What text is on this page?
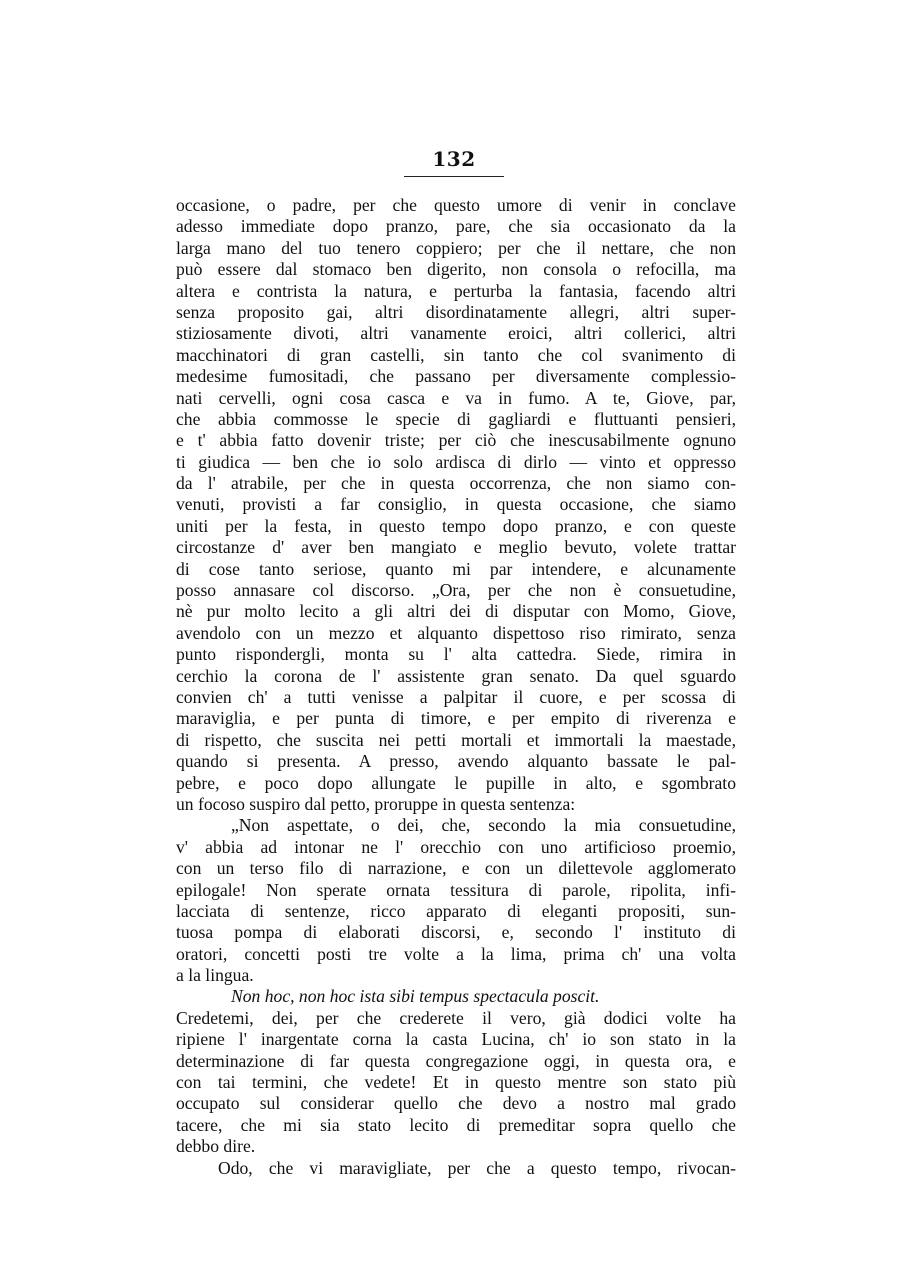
132
occasione, o padre, per che questo umore di venir in conclave
adesso immediate dopo pranzo, pare, che sia occasionato da la
larga mano del tuo tenero coppiero; per che il nettare, che non
può essere dal stomaco ben digerito, non consola o refocilla, ma
altera e contrista la natura, e perturba la fantasia, facendo altri
senza proposito gai, altri disordinatamente allegri, altri super-
stiziosamente divoti, altri vanamente eroici, altri collerici, altri
macchinatori di gran castelli, sin tanto che col svanimento di
medesime fumositadi, che passano per diversamente complessio-
nati cervelli, ogni cosa casca e va in fumo. A te, Giove, par,
che abbia commosse le specie di gagliardi e fluttuanti pensieri,
e t' abbia fatto dovenir triste; per ciò che inescusabilmente ognuno
ti giudica — ben che io solo ardisca di dirlo — vinto et oppresso
da l' atrabile, per che in questa occorrenza, che non siamo con-
venuti, provisti a far consiglio, in questa occasione, che siamo
uniti per la festa, in questo tempo dopo pranzo, e con queste
circostanze d' aver ben mangiato e meglio bevuto, volete trattar
di cose tanto seriose, quanto mi par intendere, e alcunamente
posso annasare col discorso. „Ora, per che non è consuetudine,
nè pur molto lecito a gli altri dei di disputar con Momo, Giove,
avendolo con un mezzo et alquanto dispettoso riso rimirato, senza
punto rispondergli, monta su l' alta cattedra. Siede, rimira in
cerchio la corona de l' assistente gran senato. Da quel sguardo
convien ch' a tutti venisse a palpitar il cuore, e per scossa di
maraviglia, e per punta di timore, e per empito di riverenza e
di rispetto, che suscita nei petti mortali et immortali la maestade,
quando si presenta. A presso, avendo alquanto bassate le pal-
pebre, e poco dopo allungate le pupille in alto, e sgombrato
un focoso suspiro dal petto, proruppe in questa sentenza:
„Non aspettate, o dei, che, secondo la mia consuetudine,
v' abbia ad intonar ne l' orecchio con uno artificioso proemio,
con un terso filo di narrazione, e con un dilettevole agglomerato
epilogale! Non sperate ornata tessitura di parole, ripolita, infi-
lacciata di sentenze, ricco apparato di eleganti propositi, sun-
tuosa pompa di elaborati discorsi, e, secondo l' instituto di
oratori, concetti posti tre volte a la lima, prima ch' una volta
a la lingua.
Non hoc, non hoc ista sibi tempus spectacula poscit.
Credetemi, dei, per che crederete il vero, già dodici volte ha
ripiene l' inargentate corna la casta Lucina, ch' io son stato in la
determinazione di far questa congregazione oggi, in questa ora, e
con tai termini, che vedete! Et in questo mentre son stato più
occupato sul considerar quello che devo a nostro mal grado
tacere, che mi sia stato lecito di premeditar sopra quello che
debbo dire.
Odo, che vi maravigliate, per che a questo tempo, rivocan-
